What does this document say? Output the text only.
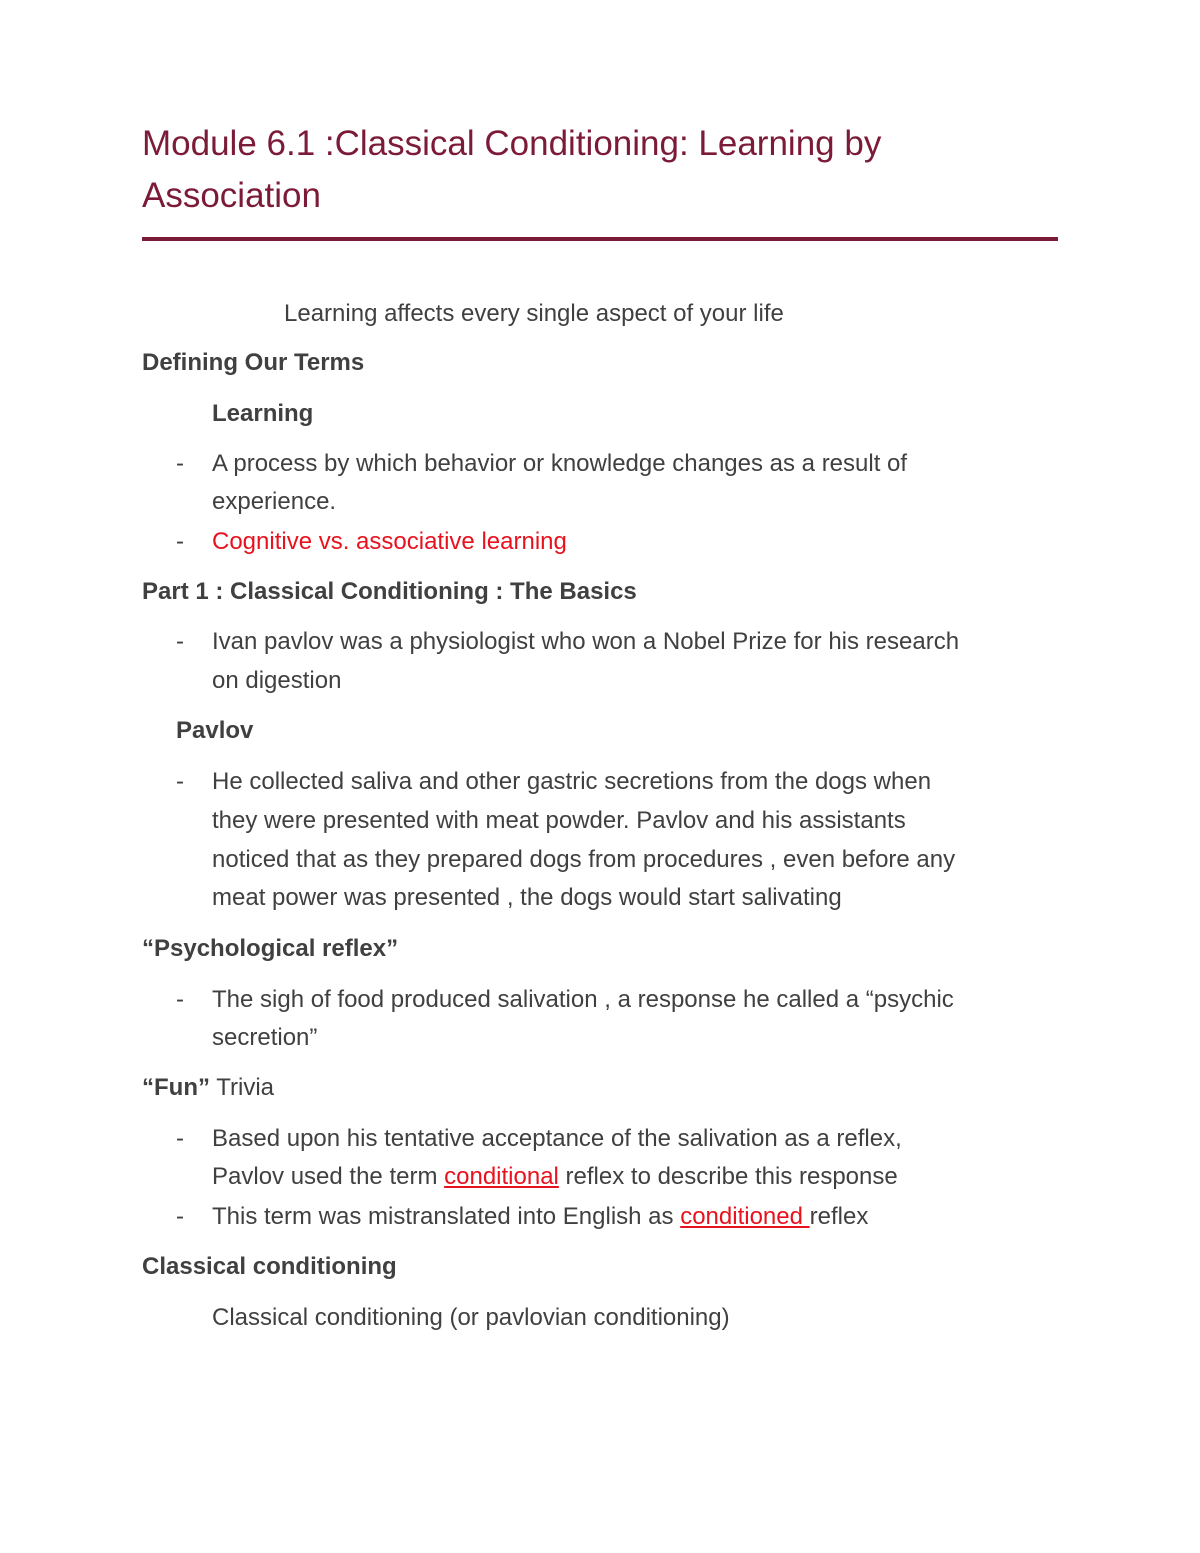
Module 6.1 :Classical Conditioning: Learning by Association
Learning affects every single aspect of your life
Defining Our Terms
Learning
- A process by which behavior or knowledge changes as a result of
experience.
- Cognitive vs. associative learning
Part 1 : Classical Conditioning : The Basics
- Ivan pavlov was a physiologist who won a Nobel Prize for his research
on digestion
Pavlov
- He collected saliva and other gastric secretions from the dogs when
they were presented with meat powder. Pavlov and his assistants
noticed that as they prepared dogs from procedures , even before any
meat power was presented , the dogs would start salivating
“Psychological reflex”
- The sigh of food produced salivation , a response he called a “psychic
secretion”
“Fun” Trivia
- Based upon his tentative acceptance of the salivation as a reflex,
Pavlov used the term conditional reflex to describe this response
- This term was mistranslated into English as conditioned reflex
Classical conditioning
Classical conditioning (or pavlovian conditioning)
